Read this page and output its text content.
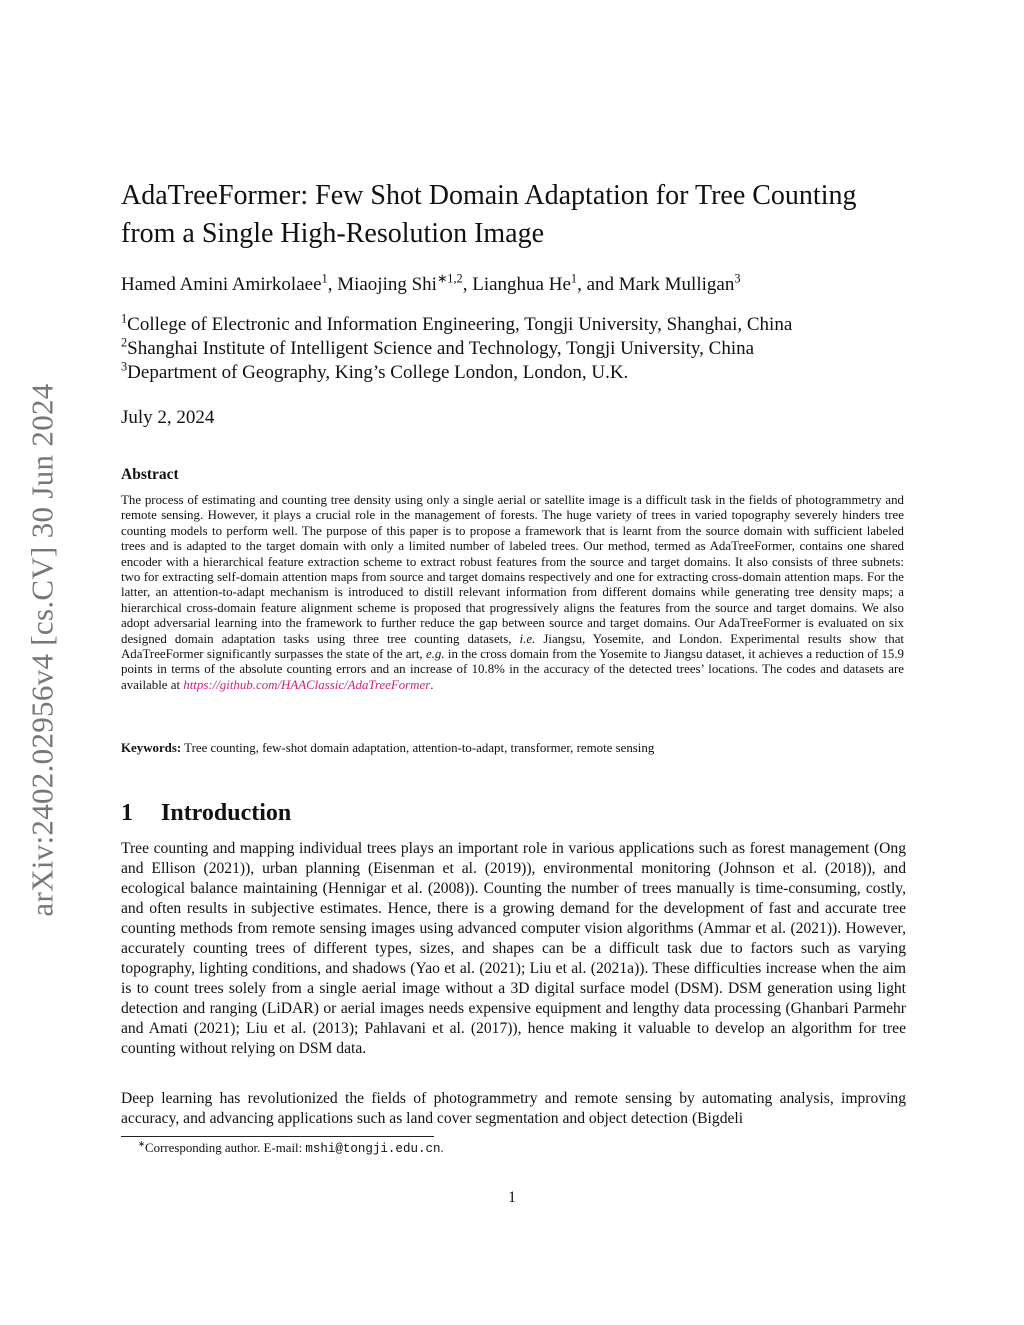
arXiv:2402.02956v4 [cs.CV] 30 Jun 2024
AdaTreeFormer: Few Shot Domain Adaptation for Tree Counting
from a Single High-Resolution Image
Hamed Amini Amirkolaee$^1$, Miaojing Shi$^{∗1,2}$, Lianghua He$^1$, and Mark Mulligan$^3$
$^1$College of Electronic and Information Engineering, Tongji University, Shanghai, China
$^2$Shanghai Institute of Intelligent Science and Technology, Tongji University, China
$^3$Department of Geography, King’s College London, London, U.K.
July 2, 2024
Abstract

The process of estimating and counting tree density using only a single aerial or satellite image is a difficult task in the fields of photogrammetry and remote sensing. However, it plays a crucial role in the management of forests. The huge variety of trees in varied topography severely hinders tree counting models to perform well. The purpose of this paper is to propose a framework that is learnt from the source domain with sufficient labeled trees and is adapted to the target domain with only a limited number of labeled trees. Our method, termed as AdaTreeFormer, contains one shared encoder with a hierarchical feature extraction scheme to extract robust features from the source and target domains. It also consists of three subnets: two for extracting self-domain attention maps from source and target domains respectively and one for extracting cross-domain attention maps. For the latter, an attention-to-adapt mechanism is introduced to distill relevant information from different domains while generating tree density maps; a hierarchical cross-domain feature alignment scheme is proposed that progressively aligns the features from the source and target domains. We also adopt adversarial learning into the framework to further reduce the gap between source and target domains. Our AdaTreeFormer is evaluated on six designed domain adaptation tasks using three tree counting datasets, i.e. Jiangsu, Yosemite, and London. Experimental results show that AdaTreeFormer significantly surpasses the state of the art, e.g. in the cross domain from the Yosemite to Jiangsu dataset, it achieves a reduction of 15.9 points in terms of the absolute counting errors and an increase of 10.8% in the accuracy of the detected trees’ locations. The codes and datasets are available at https://github.com/HAAClassic/AdaTreeFormer.

Keywords: Tree counting, few-shot domain adaptation, attention-to-adapt, transformer, remote sensing
1 Introduction

Tree counting and mapping individual trees plays an important role in various applications such as forest management (Ong and Ellison (2021)), urban planning (Eisenman et al. (2019)), environmental monitoring (Johnson et al. (2018)), and ecological balance maintaining (Hennigar et al. (2008)). Counting the number of trees manually is time-consuming, costly, and often results in subjective estimates. Hence, there is a growing demand for the development of fast and accurate tree counting methods from remote sensing images using advanced computer vision algorithms (Ammar et al. (2021)). However, accurately counting trees of different types, sizes, and shapes can be a difficult task due to factors such as varying topography, lighting conditions, and shadows (Yao et al. (2021); Liu et al. (2021a)). These difficulties increase when the aim is to count trees solely from a single aerial image without a 3D digital surface model (DSM). DSM generation using light detection and ranging (LiDAR) or aerial images needs expensive equipment and lengthy data processing (Ghanbari Parmehr and Amati (2021); Liu et al. (2013); Pahlavani et al. (2017)), hence making it valuable to develop an algorithm for tree counting without relying on DSM data.

Deep learning has revolutionized the fields of photogrammetry and remote sensing by automating analysis, improving accuracy, and advancing applications such as land cover segmentation and object detection (Bigdeli

∗Corresponding author. E-mail: mshi@tongji.edu.cn.
1
